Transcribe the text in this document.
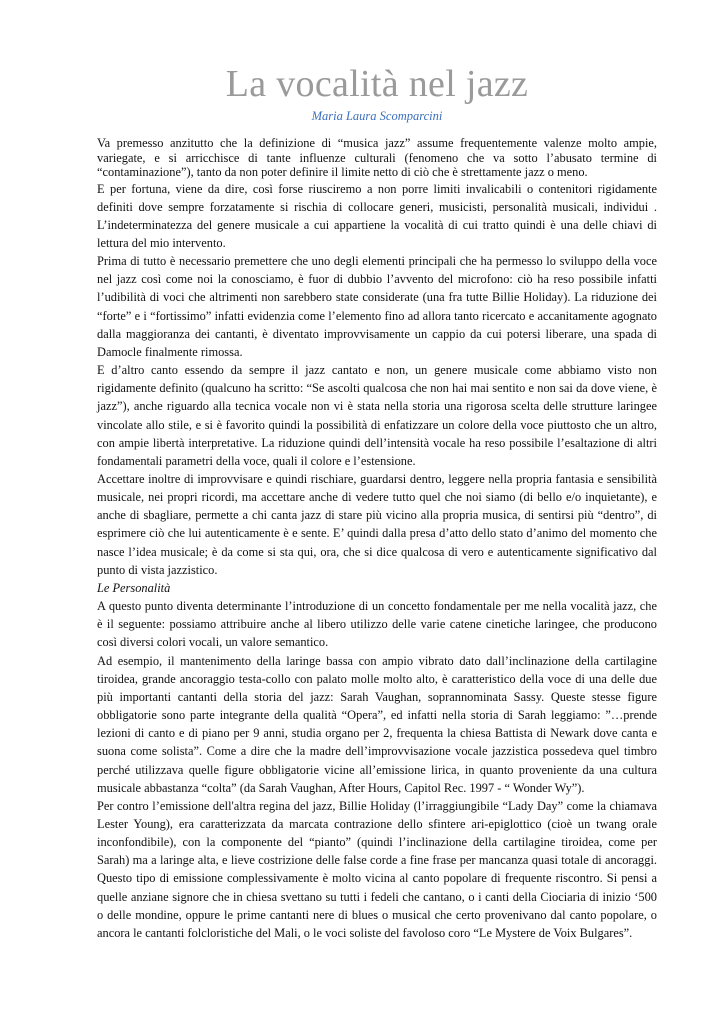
La vocalità nel jazz
Maria Laura Scomparcini

Va premesso anzitutto che la definizione di “musica jazz” assume frequentemente valenze molto ampie, variegate, e si arricchisce di tante influenze culturali (fenomeno che va sotto l’abusato termine di “contaminazione”), tanto da non poter definire il limite netto di ciò che è strettamente jazz o meno.

E per fortuna, viene da dire, così forse riusciremo a non porre limiti invalicabili o contenitori rigidamente definiti dove sempre forzatamente si rischia di collocare generi, musicisti, personalità musicali, individui . L’indeterminatezza del genere musicale a cui appartiene la vocalità di cui tratto quindi è una delle chiavi di lettura del mio intervento.

Prima di tutto è necessario premettere che uno degli elementi principali che ha permesso lo sviluppo della voce nel jazz così come noi la conosciamo, è fuor di dubbio l’avvento del microfono: ciò ha reso possibile infatti l’udibilità di voci che altrimenti non sarebbero state considerate (una fra tutte Billie Holiday). La riduzione dei “forte” e i “fortissimo” infatti evidenzia come l’elemento fino ad allora tanto ricercato e accanitamente agognato dalla maggioranza dei cantanti, è diventato improvvisamente un cappio da cui potersi liberare, una spada di Damocle finalmente rimossa.

E d’altro canto essendo da sempre il jazz cantato e non, un genere musicale come abbiamo visto non rigidamente definito (qualcuno ha scritto: “Se ascolti qualcosa che non hai mai sentito e non sai da dove viene, è jazz”), anche riguardo alla tecnica vocale non vi è stata nella storia una rigorosa scelta delle strutture laringee vincolate allo stile, e si è favorito quindi la possibilità di enfatizzare un colore della voce piuttosto che un altro, con ampie libertà interpretative. La riduzione quindi dell’intensità vocale ha reso possibile l’esaltazione di altri fondamentali parametri della voce, quali il colore e l’estensione.

Accettare inoltre di improvvisare e quindi rischiare, guardarsi dentro, leggere nella propria fantasia e sensibilità musicale, nei propri ricordi, ma accettare anche di vedere tutto quel che noi siamo (di bello e/o inquietante), e anche di sbagliare, permette a chi canta jazz di stare più vicino alla propria musica, di sentirsi più “dentro”, di esprimere ciò che lui autenticamente è e sente. E’ quindi dalla presa d’atto dello stato d’animo del momento che nasce l’idea musicale; è da come si sta qui, ora, che si dice qualcosa di vero e autenticamente significativo dal punto di vista jazzistico.

Le Personalità

A questo punto diventa determinante l’introduzione di un concetto fondamentale per me nella vocalità jazz, che è il seguente: possiamo attribuire anche al libero utilizzo delle varie catene cinetiche laringee, che producono così diversi colori vocali, un valore semantico.

Ad esempio, il mantenimento della laringe bassa con ampio vibrato dato dall’inclinazione della cartilagine tiroidea, grande ancoraggio testa-collo con palato molle molto alto, è caratteristico della voce di una delle due più importanti cantanti della storia del jazz: Sarah Vaughan, soprannominata Sassy. Queste stesse figure obbligatorie sono parte integrante della qualità “Opera”, ed infatti nella storia di Sarah leggiamo: ”…prende lezioni di canto e di piano per 9 anni, studia organo per 2, frequenta la chiesa Battista di Newark dove canta e suona come solista”. Come a dire che la madre dell’improvvisazione vocale jazzistica possedeva quel timbro perché utilizzava quelle figure obbligatorie vicine all’emissione lirica, in quanto proveniente da una cultura musicale abbastanza “colta” (da Sarah Vaughan, After Hours, Capitol Rec. 1997 - “ Wonder Wy”).

Per contro l’emissione dell'altra regina del jazz, Billie Holiday (l’irraggiungibile “Lady Day” come la chiamava Lester Young), era caratterizzata da marcata contrazione dello sfintere ari-epiglottico (cioè un twang orale inconfondibile), con la componente del “pianto” (quindi l’inclinazione della cartilagine tiroidea, come per Sarah) ma a laringe alta, e lieve costrizione delle false corde a fine frase per mancanza quasi totale di ancoraggi. Questo tipo di emissione complessivamente è molto vicina al canto popolare di frequente riscontro. Si pensi a quelle anziane signore che in chiesa svettano su tutti i fedeli che cantano, o i canti della Ciociaria di inizio ‘500 o delle mondine, oppure le prime cantanti nere di blues o musical che certo provenivano dal canto popolare, o ancora le cantanti folcloristiche del Mali, o le voci soliste del favoloso coro “Le Mystere de Voix Bulgares”.
